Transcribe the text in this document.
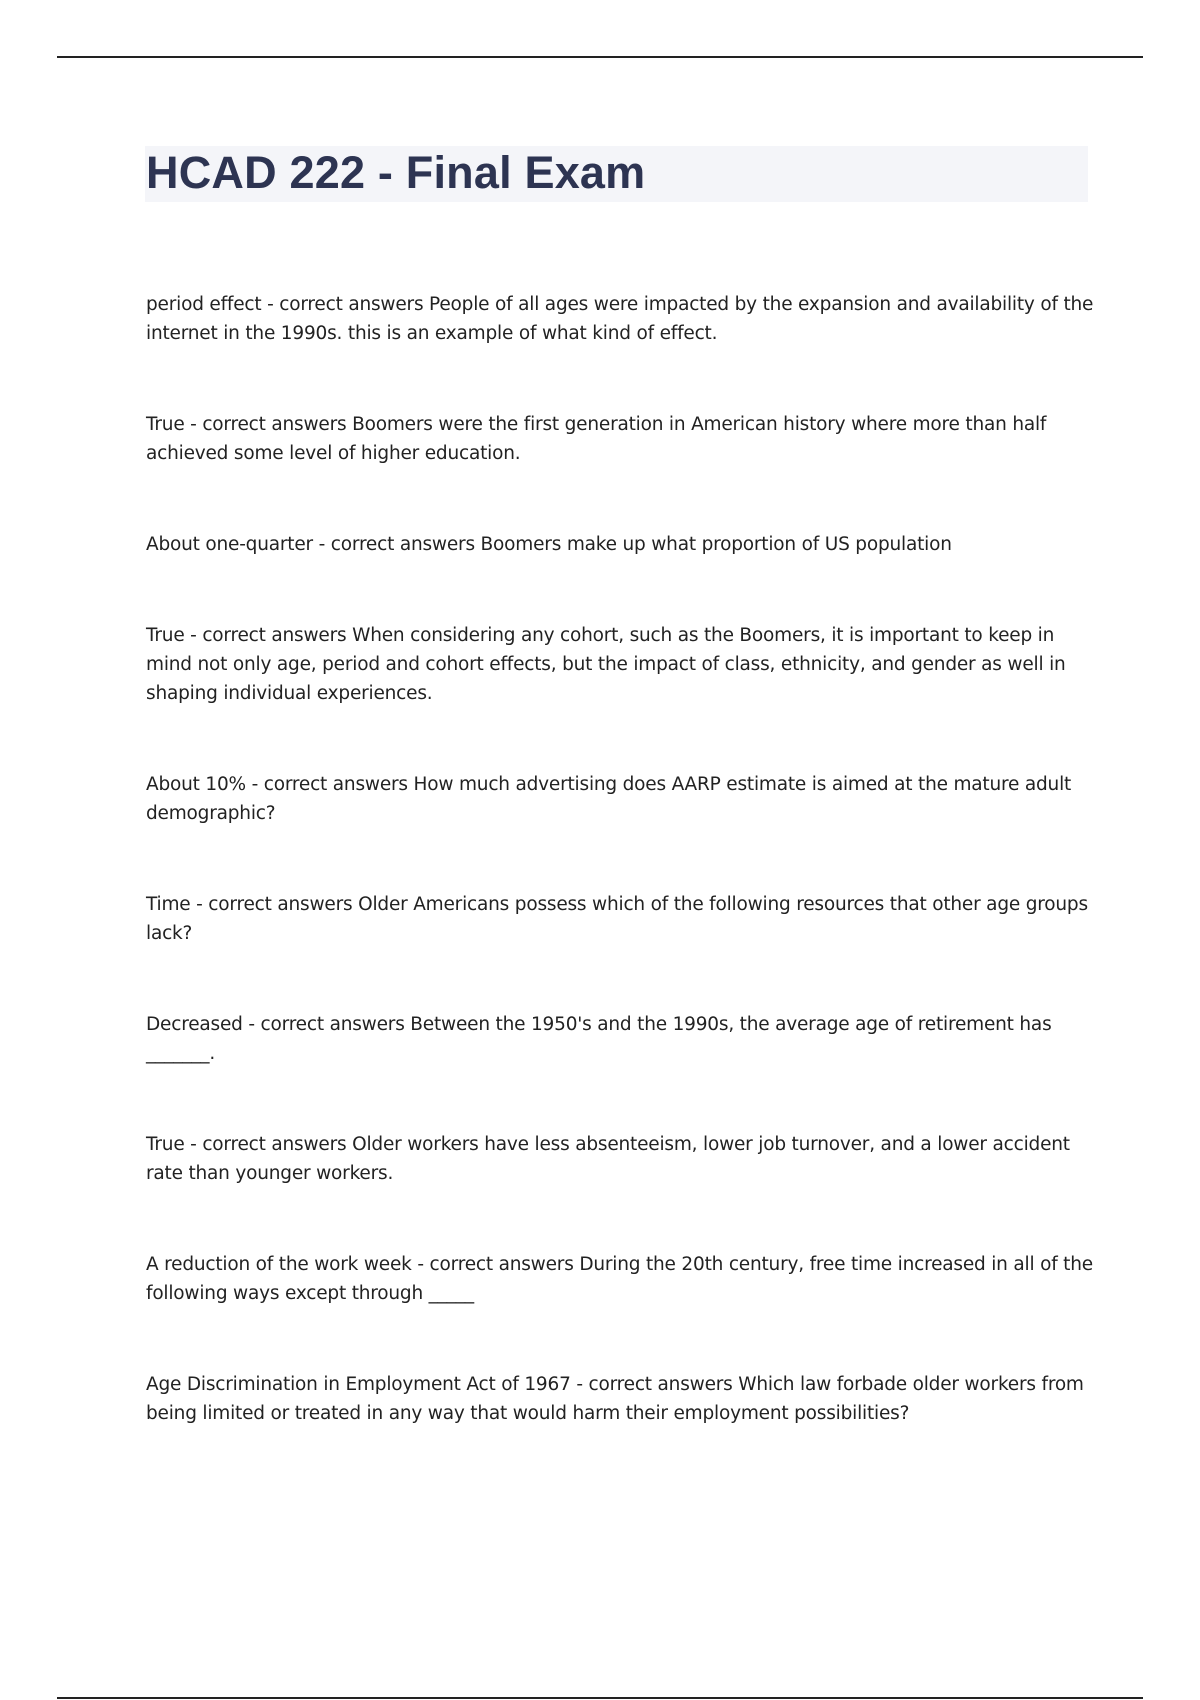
HCAD 222 - Final Exam

period effect - correct answers People of all ages were impacted by the expansion and availability of the internet in the 1990s. this is an example of what kind of effect.

True - correct answers Boomers were the first generation in American history where more than half achieved some level of higher education.

About one-quarter - correct answers Boomers make up what proportion of US population

True - correct answers When considering any cohort, such as the Boomers, it is important to keep in mind not only age, period and cohort effects, but the impact of class, ethnicity, and gender as well in shaping individual experiences.

About 10% - correct answers How much advertising does AARP estimate is aimed at the mature adult demographic?

Time - correct answers Older Americans possess which of the following resources that other age groups lack?

Decreased - correct answers Between the 1950's and the 1990s, the average age of retirement has _______.

True - correct answers Older workers have less absenteeism, lower job turnover, and a lower accident rate than younger workers.

A reduction of the work week - correct answers During the 20th century, free time increased in all of the following ways except through _____

Age Discrimination in Employment Act of 1967 - correct answers Which law forbade older workers from being limited or treated in any way that would harm their employment possibilities?
